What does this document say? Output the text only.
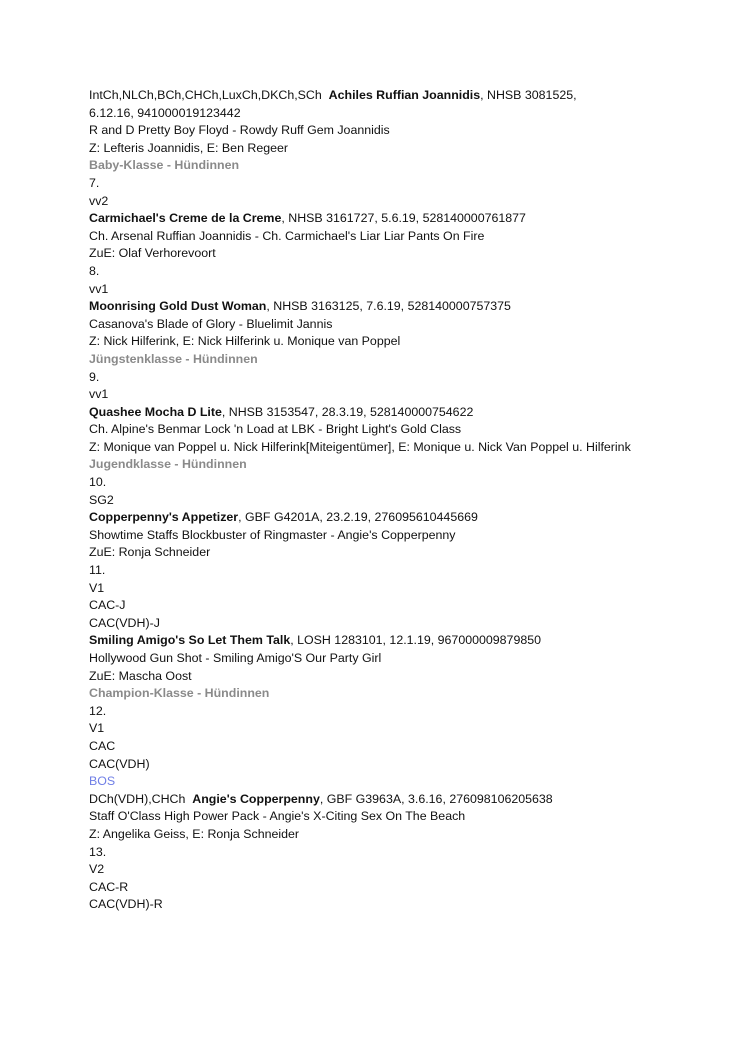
IntCh,NLCh,BCh,CHCh,LuxCh,DKCh,SCh Achiles Ruffian Joannidis, NHSB 3081525,
6.12.16, 941000019123442
R and D Pretty Boy Floyd - Rowdy Ruff Gem Joannidis
Z: Lefteris Joannidis, E: Ben Regeer
Baby-Klasse - Hündinnen
7.
vv2
Carmichael's Creme de la Creme, NHSB 3161727, 5.6.19, 528140000761877
Ch. Arsenal Ruffian Joannidis - Ch. Carmichael's Liar Liar Pants On Fire
ZuE: Olaf Verhorevoort
8.
vv1
Moonrising Gold Dust Woman, NHSB 3163125, 7.6.19, 528140000757375
Casanova's Blade of Glory - Bluelimit Jannis
Z: Nick Hilferink, E: Nick Hilferink u. Monique van Poppel
Jüngstenklasse - Hündinnen
9.
vv1
Quashee Mocha D Lite, NHSB 3153547, 28.3.19, 528140000754622
Ch. Alpine's Benmar Lock 'n Load at LBK - Bright Light's Gold Class
Z: Monique van Poppel u. Nick Hilferink[Miteigentümer], E: Monique u. Nick Van Poppel u. Hilferink
Jugendklasse - Hündinnen
10.
SG2
Copperpenny's Appetizer, GBF G4201A, 23.2.19, 276095610445669
Showtime Staffs Blockbuster of Ringmaster - Angie's Copperpenny
ZuE: Ronja Schneider
11.
V1
CAC-J
CAC(VDH)-J
Smiling Amigo's So Let Them Talk, LOSH 1283101, 12.1.19, 967000009879850
Hollywood Gun Shot - Smiling Amigo'S Our Party Girl
ZuE: Mascha Oost
Champion-Klasse - Hündinnen
12.
V1
CAC
CAC(VDH)
BOS
DCh(VDH),CHCh Angie's Copperpenny, GBF G3963A, 3.6.16, 276098106205638
Staff O'Class High Power Pack - Angie's X-Citing Sex On The Beach
Z: Angelika Geiss, E: Ronja Schneider
13.
V2
CAC-R
CAC(VDH)-R
